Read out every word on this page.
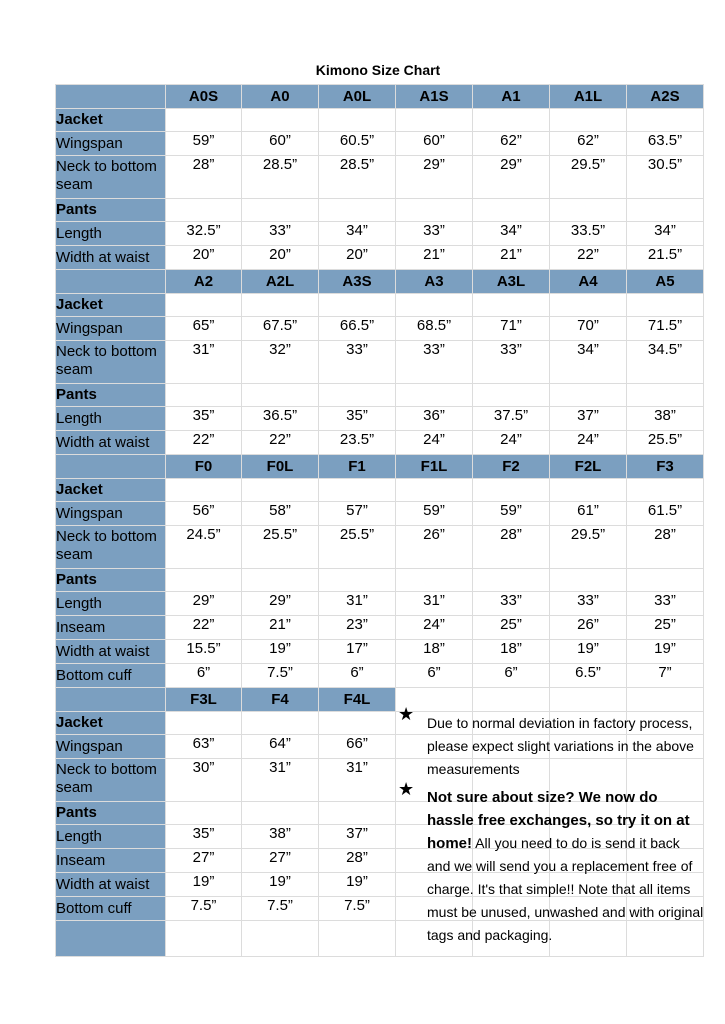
Kimono Size Chart
	A0S	A0	A0L	A1S	A1	A1L	A2S
Jacket							
Wingspan	59”	60”	60.5”	60”	62”	62”	63.5”
Neck to bottom seam	28”	28.5”	28.5”	29”	29”	29.5”	30.5”
Pants							
Length	32.5”	33”	34”	33”	34”	33.5”	34”
Width at waist	20”	20”	20”	21”	21”	22”	21.5”
	A2	A2L	A3S	A3	A3L	A4	A5
Jacket							
Wingspan	65”	67.5”	66.5”	68.5”	71”	70”	71.5”
Neck to bottom seam	31”	32”	33”	33”	33”	34”	34.5”
Pants							
Length	35”	36.5”	35”	36”	37.5”	37”	38”
Width at waist	22”	22”	23.5”	24”	24”	24”	25.5”
	F0	F0L	F1	F1L	F2	F2L	F3
Jacket							
Wingspan	56”	58”	57”	59”	59”	61”	61.5”
Neck to bottom seam	24.5”	25.5”	25.5”	26”	28”	29.5”	28”
Pants							
Length	29”	29”	31”	31”	33”	33”	33”
Inseam	22”	21”	23”	24”	25”	26”	25”
Width at waist	15.5”	19”	17”	18”	18”	19”	19”
Bottom cuff	6”	7.5”	6”	6”	6”	6.5”	7”
	F3L	F4	F4L				
Jacket							
Wingspan	63”	64”	66”				
Neck to bottom seam	30”	31”	31”				
Pants							
Length	35”	38”	37”				
Inseam	27”	27”	28”				
Width at waist	19”	19”	19”				
Bottom cuff	7.5”	7.5”	7.5”				

★ Due to normal deviation in factory process, please expect slight variations in the above measurements
★ Not sure about size? We now do hassle free exchanges, so try it on at home! All you need to do is send it back and we will send you a replacement free of charge. It's that simple!! Note that all items must be unused, unwashed and with original tags and packaging.
